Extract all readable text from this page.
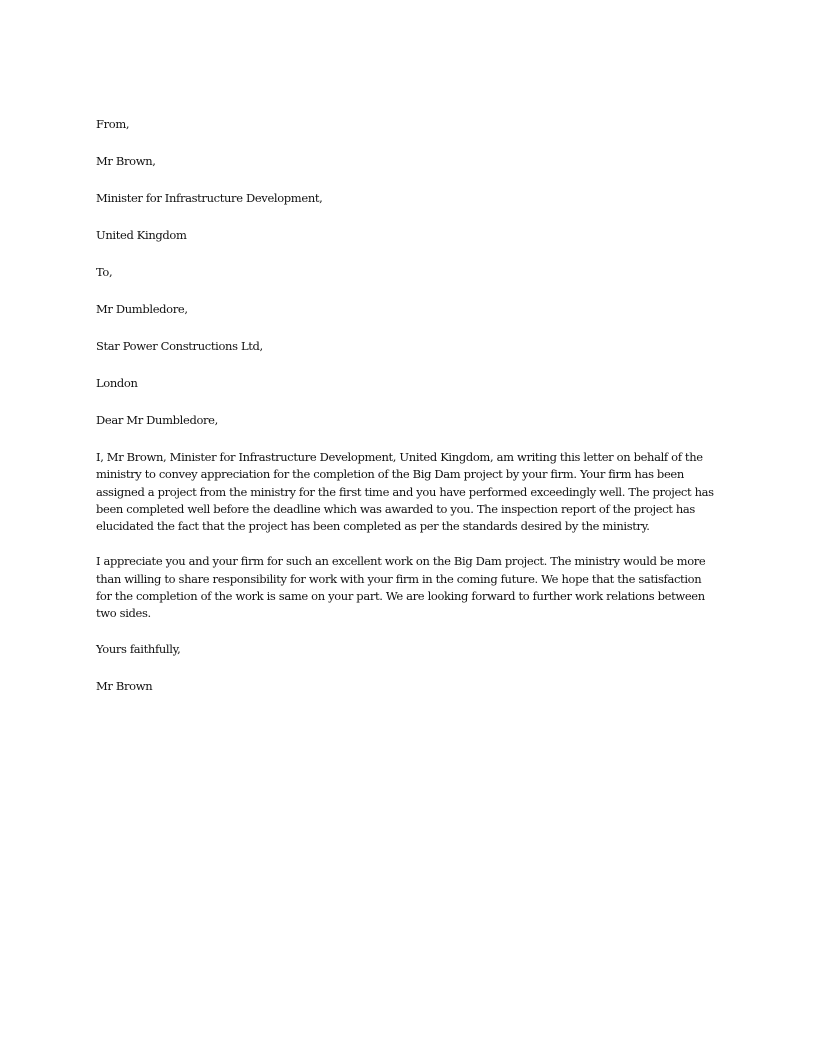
From,
Mr Brown,
Minister for Infrastructure Development,
United Kingdom
To,
Mr Dumbledore,
Star Power Constructions Ltd,
London
Dear Mr Dumbledore,

I, Mr Brown, Minister for Infrastructure Development, United Kingdom, am writing this letter on behalf of the ministry to convey appreciation for the completion of the Big Dam project by your firm. Your firm has been assigned a project from the ministry for the first time and you have performed exceedingly well. The project has been completed well before the deadline which was awarded to you. The inspection report of the project has elucidated the fact that the project has been completed as per the standards desired by the ministry.

I appreciate you and your firm for such an excellent work on the Big Dam project. The ministry would be more than willing to share responsibility for work with your firm in the coming future. We hope that the satisfaction for the completion of the work is same on your part. We are looking forward to further work relations between two sides.

Yours faithfully,
Mr Brown
